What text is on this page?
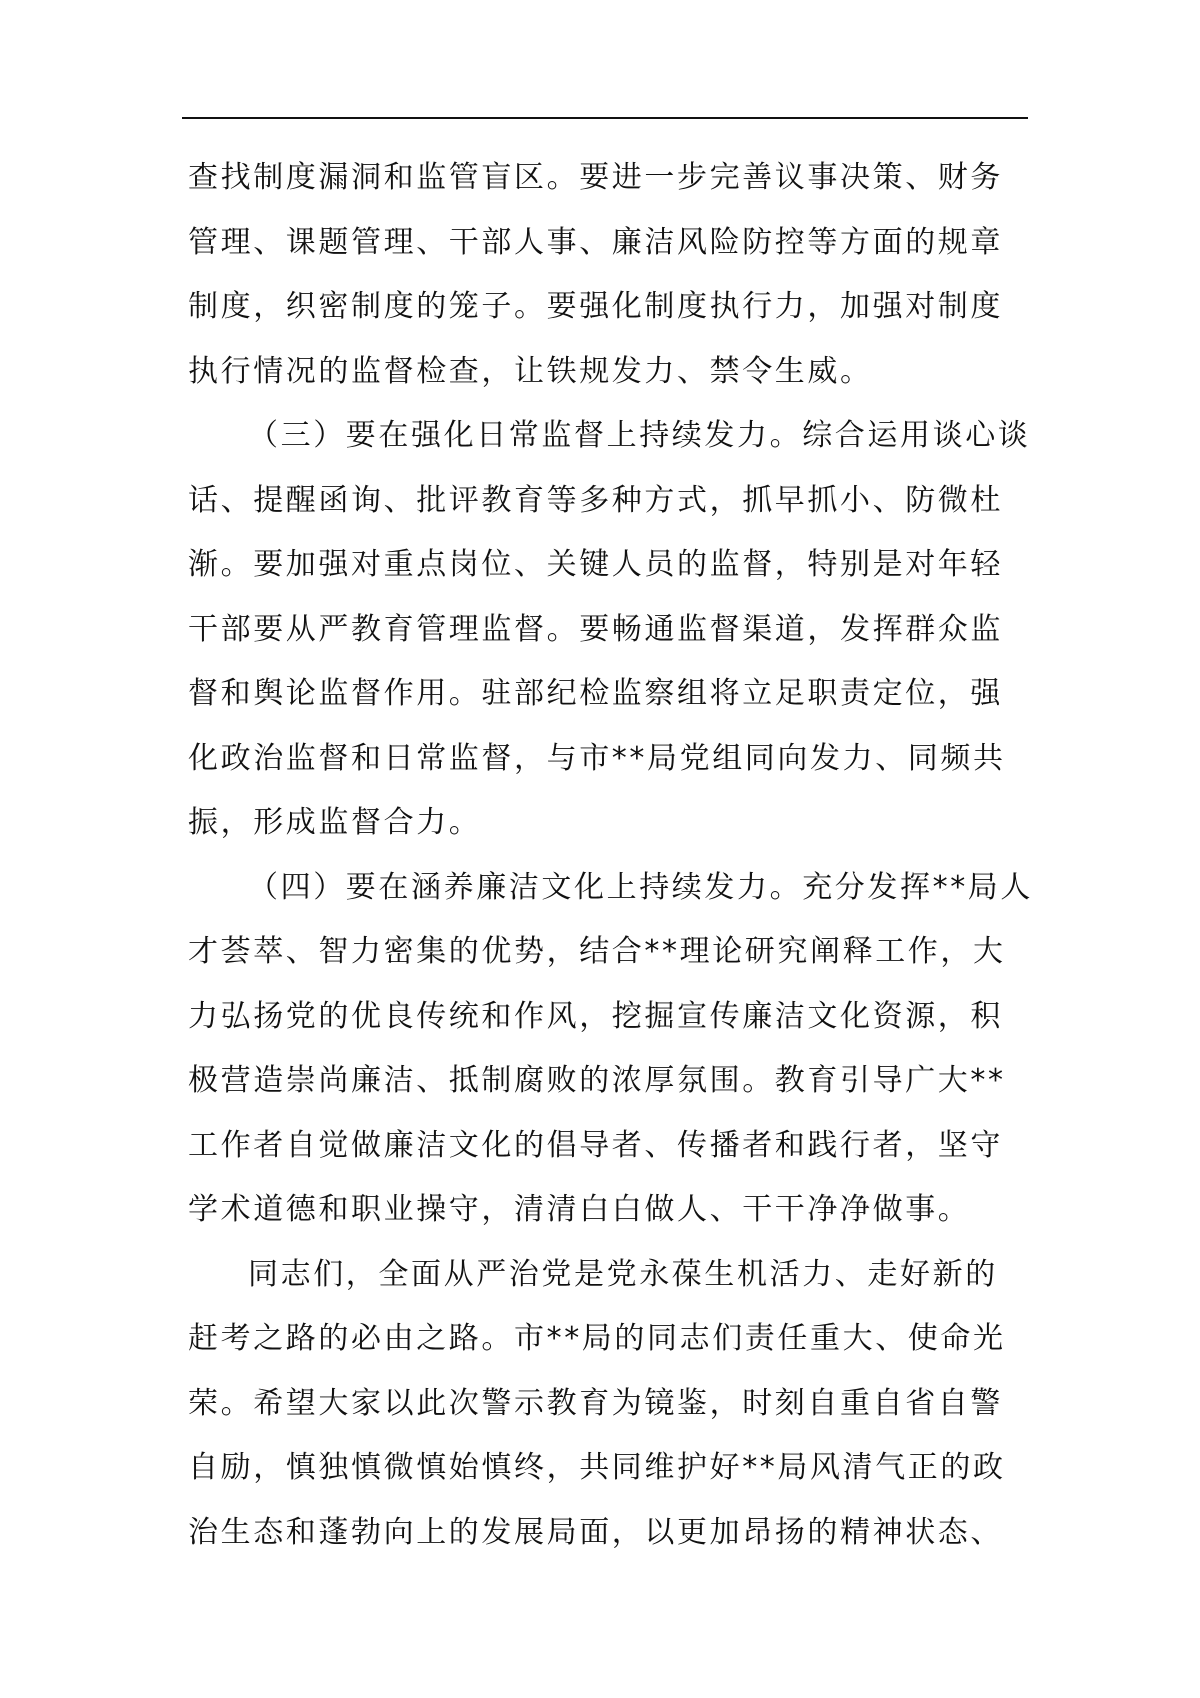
查找制度漏洞和监管盲区。要进一步完善议事决策、财务
管理、课题管理、干部人事、廉洁风险防控等方面的规章
制度，织密制度的笼子。要强化制度执行力，加强对制度
执行情况的监督检查，让铁规发力、禁令生威。
（三）要在强化日常监督上持续发力。综合运用谈心谈
话、提醒函询、批评教育等多种方式，抓早抓小、防微杜
渐。要加强对重点岗位、关键人员的监督，特别是对年轻
干部要从严教育管理监督。要畅通监督渠道，发挥群众监
督和舆论监督作用。驻部纪检监察组将立足职责定位，强
化政治监督和日常监督，与市**局党组同向发力、同频共
振，形成监督合力。
（四）要在涵养廉洁文化上持续发力。充分发挥**局人
才荟萃、智力密集的优势，结合**理论研究阐释工作，大
力弘扬党的优良传统和作风，挖掘宣传廉洁文化资源，积
极营造崇尚廉洁、抵制腐败的浓厚氛围。教育引导广大**
工作者自觉做廉洁文化的倡导者、传播者和践行者，坚守
学术道德和职业操守，清清白白做人、干干净净做事。
同志们，全面从严治党是党永葆生机活力、走好新的
赶考之路的必由之路。市**局的同志们责任重大、使命光
荣。希望大家以此次警示教育为镜鉴，时刻自重自省自警
自励，慎独慎微慎始慎终，共同维护好**局风清气正的政
治生态和蓬勃向上的发展局面，以更加昂扬的精神状态、
